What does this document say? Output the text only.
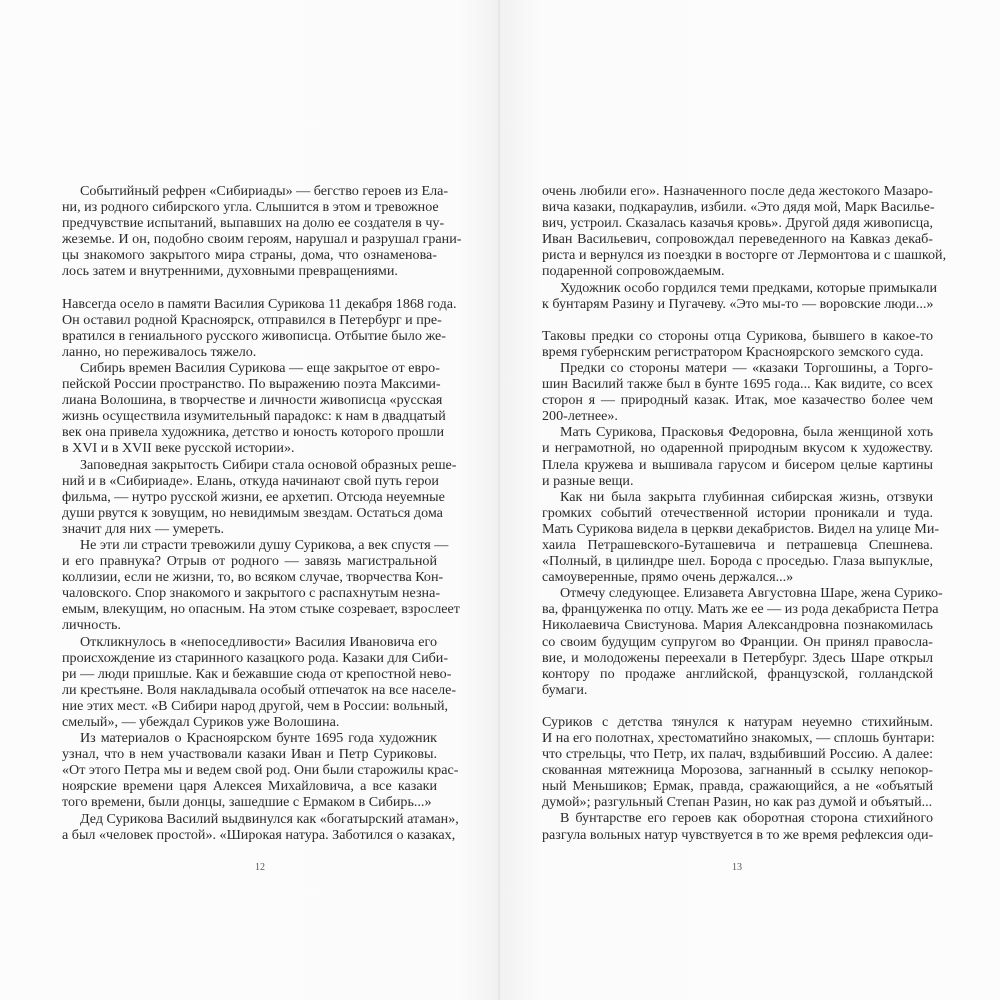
Событийный рефрен «Сибириады» — бегство героев из Ела-
ни, из родного сибирского угла. Слышится в этом и тревожное
предчувствие испытаний, выпавших на долю ее создателя в чу-
жеземье. И он, подобно своим героям, нарушал и разрушал грани-
цы знакомого закрытого мира страны, дома, что ознаменова-
лось затем и внутренними, духовными превращениями.

Навсегда осело в памяти Василия Сурикова 11 декабря 1868 года.
Он оставил родной Красноярск, отправился в Петербург и пре-
вратился в гениального русского живописца. Отбытие было же-
ланно, но переживалось тяжело.

Сибирь времен Василия Сурикова — еще закрытое от евро-
пейской России пространство. По выражению поэта Максими-
лиана Волошина, в творчестве и личности живописца «русская
жизнь осуществила изумительный парадокс: к нам в двадцатый
век она привела художника, детство и юность которого прошли
в XVI и в XVII веке русской истории».

Заповедная закрытость Сибири стала основой образных реше-
ний и в «Сибириаде». Елань, откуда начинают свой путь герои
фильма, — нутро русской жизни, ее архетип. Отсюда неуемные
души рвутся к зовущим, но невидимым звездам. Остаться дома
значит для них — умереть.

Не эти ли страсти тревожили душу Сурикова, а век спустя —
и его правнука? Отрыв от родного — завязь магистральной
коллизии, если не жизни, то, во всяком случае, творчества Кон-
чаловского. Спор знакомого и закрытого с распахнутым незна-
емым, влекущим, но опасным. На этом стыке созревает, взрослеет
личность.

Откликнулось в «непоседливости» Василия Ивановича его
происхождение из старинного казацкого рода. Казаки для Сиби-
ри — люди пришлые. Как и бежавшие сюда от крепостной нево-
ли крестьяне. Воля накладывала особый отпечаток на все населе-
ние этих мест. «В Сибири народ другой, чем в России: вольный,
смелый», — убеждал Суриков уже Волошина.

Из материалов о Красноярском бунте 1695 года художник
узнал, что в нем участвовали казаки Иван и Петр Суриковы.
«От этого Петра мы и ведем свой род. Они были старожилы крас-
ноярские времени царя Алексея Михайловича, а все казаки
того времени, были донцы, зашедшие с Ермаком в Сибирь...»

Дед Сурикова Василий выдвинулся как «богатырский атаман»,
а был «человек простой». «Широкая натура. Заботился о казаках,

12

очень любили его». Назначенного после деда жестокого Мазаро-
вича казаки, подкараулив, избили. «Это дядя мой, Марк Василье-
вич, устроил. Сказалась казачья кровь». Другой дядя живописца,
Иван Васильевич, сопровождал переведенного на Кавказ декаб-
риста и вернулся из поездки в восторге от Лермонтова и с шашкой,
подаренной сопровождаемым.

Художник особо гордился теми предками, которые примыкали
к бунтарям Разину и Пугачеву. «Это мы-то — воровские люди...»

Таковы предки со стороны отца Сурикова, бывшего в какое-то
время губернским регистратором Красноярского земского суда.

Предки со стороны матери — «казаки Торгошины, а Торго-
шин Василий также был в бунте 1695 года... Как видите, со всех
сторон я — природный казак. Итак, мое казачество более чем
200-летнее».

Мать Сурикова, Прасковья Федоровна, была женщиной хоть
и неграмотной, но одаренной природным вкусом к художеству.
Плела кружева и вышивала гарусом и бисером целые картины
и разные вещи.

Как ни была закрыта глубинная сибирская жизнь, отзвуки
громких событий отечественной истории проникали и туда.
Мать Сурикова видела в церкви декабристов. Видел на улице Ми-
хаила Петрашевского-Буташевича и петрашевца Спешнева.
«Полный, в цилиндре шел. Борода с проседью. Глаза выпуклые,
самоуверенные, прямо очень держался...»

Отмечу следующее. Елизавета Августовна Шаре, жена Сурико-
ва, француженка по отцу. Мать же ее — из рода декабриста Петра
Николаевича Свистунова. Мария Александровна познакомилась
со своим будущим супругом во Франции. Он принял правосла-
вие, и молодожены переехали в Петербург. Здесь Шаре открыл
контору по продаже английской, французской, голландской
бумаги.

Суриков с детства тянулся к натурам неуемно стихийным.
И на его полотнах, хрестоматийно знакомых, — сплошь бунтари:
что стрельцы, что Петр, их палач, вздыбивший Россию. А далее:
скованная мятежница Морозова, загнанный в ссылку непокор-
ный Меньшиков; Ермак, правда, сражающийся, а не «объятый
думой»; разгульный Степан Разин, но как раз думой и объятый...

В бунтарстве его героев как оборотная сторона стихийного
разгула вольных натур чувствуется в то же время рефлексия оди-

13
